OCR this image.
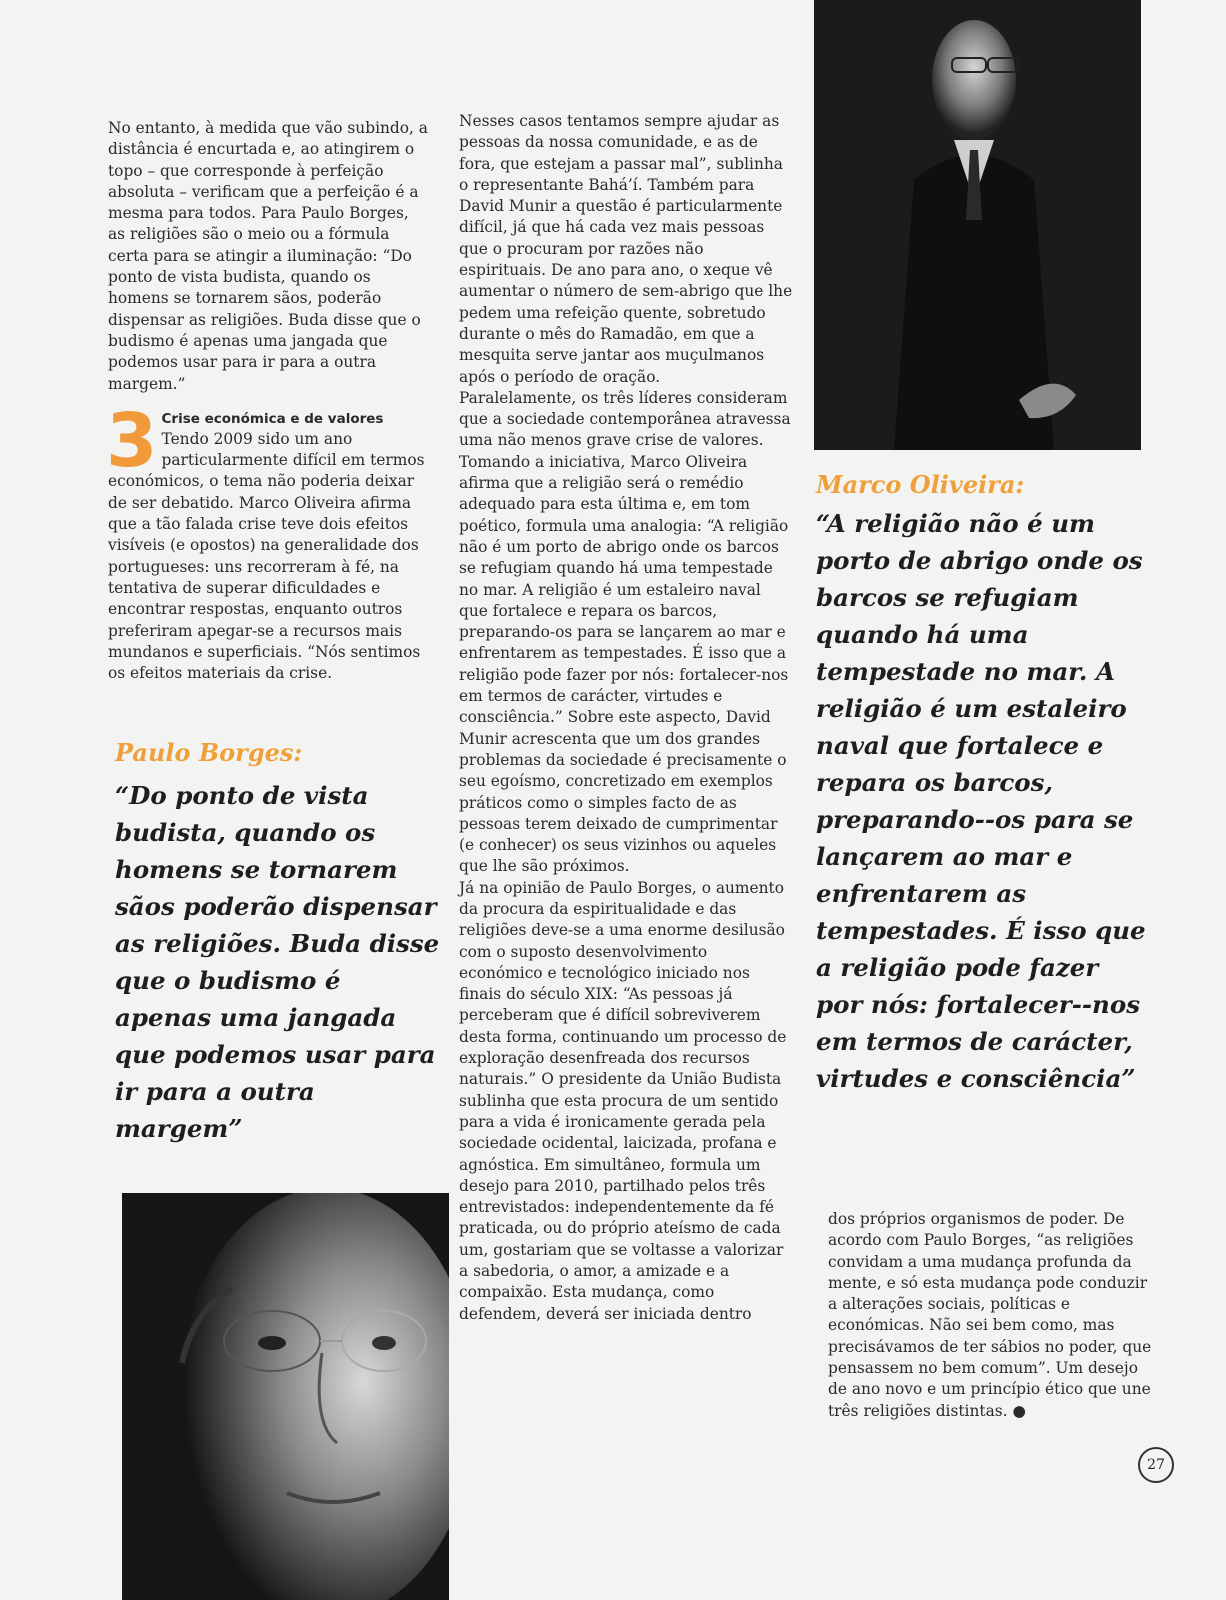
No entanto, à medida que vão subindo, a distância é encurtada e, ao atingirem o topo – que corresponde à perfeição absoluta – verificam que a perfeição é a mesma para todos. Para Paulo Borges, as religiões são o meio ou a fórmula certa para se atingir a iluminação: “Do ponto de vista budista, quando os homens se tornarem sãos, poderão dispensar as religiões. Buda disse que o budismo é apenas uma jangada que podemos usar para ir para a outra margem.”

3 Crise económica e de valores
Tendo 2009 sido um ano particularmente difícil em termos económicos, o tema não poderia deixar de ser debatido. Marco Oliveira afirma que a tão falada crise teve dois efeitos visíveis (e opostos) na generalidade dos portugueses: uns recorreram à fé, na tentativa de superar dificuldades e encontrar respostas, enquanto outros preferiram apegar-se a recursos mais mundanos e superficiais. “Nós sentimos os efeitos materiais da crise.
Paulo Borges:
“Do ponto de vista budista, quando os homens se tornarem sãos poderão dispensar as religiões. Buda disse que o budismo é apenas uma jangada que podemos usar para ir para a outra margem”

Nesses casos tentamos sempre ajudar as pessoas da nossa comunidade, e as de fora, que estejam a passar mal”, sublinha o representante Bahá’í. Também para David Munir a questão é particularmente difícil, já que há cada vez mais pessoas que o procuram por razões não espirituais. De ano para ano, o xeque vê aumentar o número de sem-abrigo que lhe pedem uma refeição quente, sobretudo durante o mês do Ramadão, em que a mesquita serve jantar aos muçulmanos após o período de oração.

Paralelamente, os três líderes consideram que a sociedade contemporânea atravessa uma não menos grave crise de valores. Tomando a iniciativa, Marco Oliveira afirma que a religião será o remédio adequado para esta última e, em tom poético, formula uma analogia: “A religião não é um porto de abrigo onde os barcos se refugiam quando há uma tempestade no mar. A religião é um estaleiro naval que fortalece e repara os barcos, preparando-os para se lançarem ao mar e enfrentarem as tempestades. É isso que a religião pode fazer por nós: fortalecer-nos em termos de carácter, virtudes e consciência.” Sobre este aspecto, David Munir acrescenta que um dos grandes problemas da sociedade é precisamente o seu egoísmo, concretizado em exemplos práticos como o simples facto de as pessoas terem deixado de cumprimentar (e conhecer) os seus vizinhos ou aqueles que lhe são próximos.

Já na opinião de Paulo Borges, o aumento da procura da espiritualidade e das religiões deve-se a uma enorme desilusão com o suposto desenvolvimento económico e tecnológico iniciado nos finais do século XIX: “As pessoas já perceberam que é difícil sobreviverem desta forma, continuando um processo de exploração desenfreada dos recursos naturais.” O presidente da União Budista sublinha que esta procura de um sentido para a vida é ironicamente gerada pela sociedade ocidental, laicizada, profana e agnóstica. Em simultâneo, formula um desejo para 2010, partilhado pelos três entrevistados: independentemente da fé praticada, ou do próprio ateísmo de cada um, gostariam que se voltasse a valorizar a sabedoria, o amor, a amizade e a compaixão. Esta mudança, como defendem, deverá ser iniciada dentro

Marco Oliveira:
“A religião não é um porto de abrigo onde os barcos se refugiam quando há uma tempestade no mar. A religião é um estaleiro naval que fortalece e repara os barcos, preparando--os para se lançarem ao mar e enfrentarem as tempestades. É isso que a religião pode fazer por nós: fortalecer--nos em termos de carácter, virtudes e consciência”

dos próprios organismos de poder. De acordo com Paulo Borges, “as religiões convidam a uma mudança profunda da mente, e só esta mudança pode conduzir a alterações sociais, políticas e económicas. Não sei bem como, mas precisávamos de ter sábios no poder, que pensassem no bem comum”. Um desejo de ano novo e um princípio ético que une três religiões distintas. ●

27
